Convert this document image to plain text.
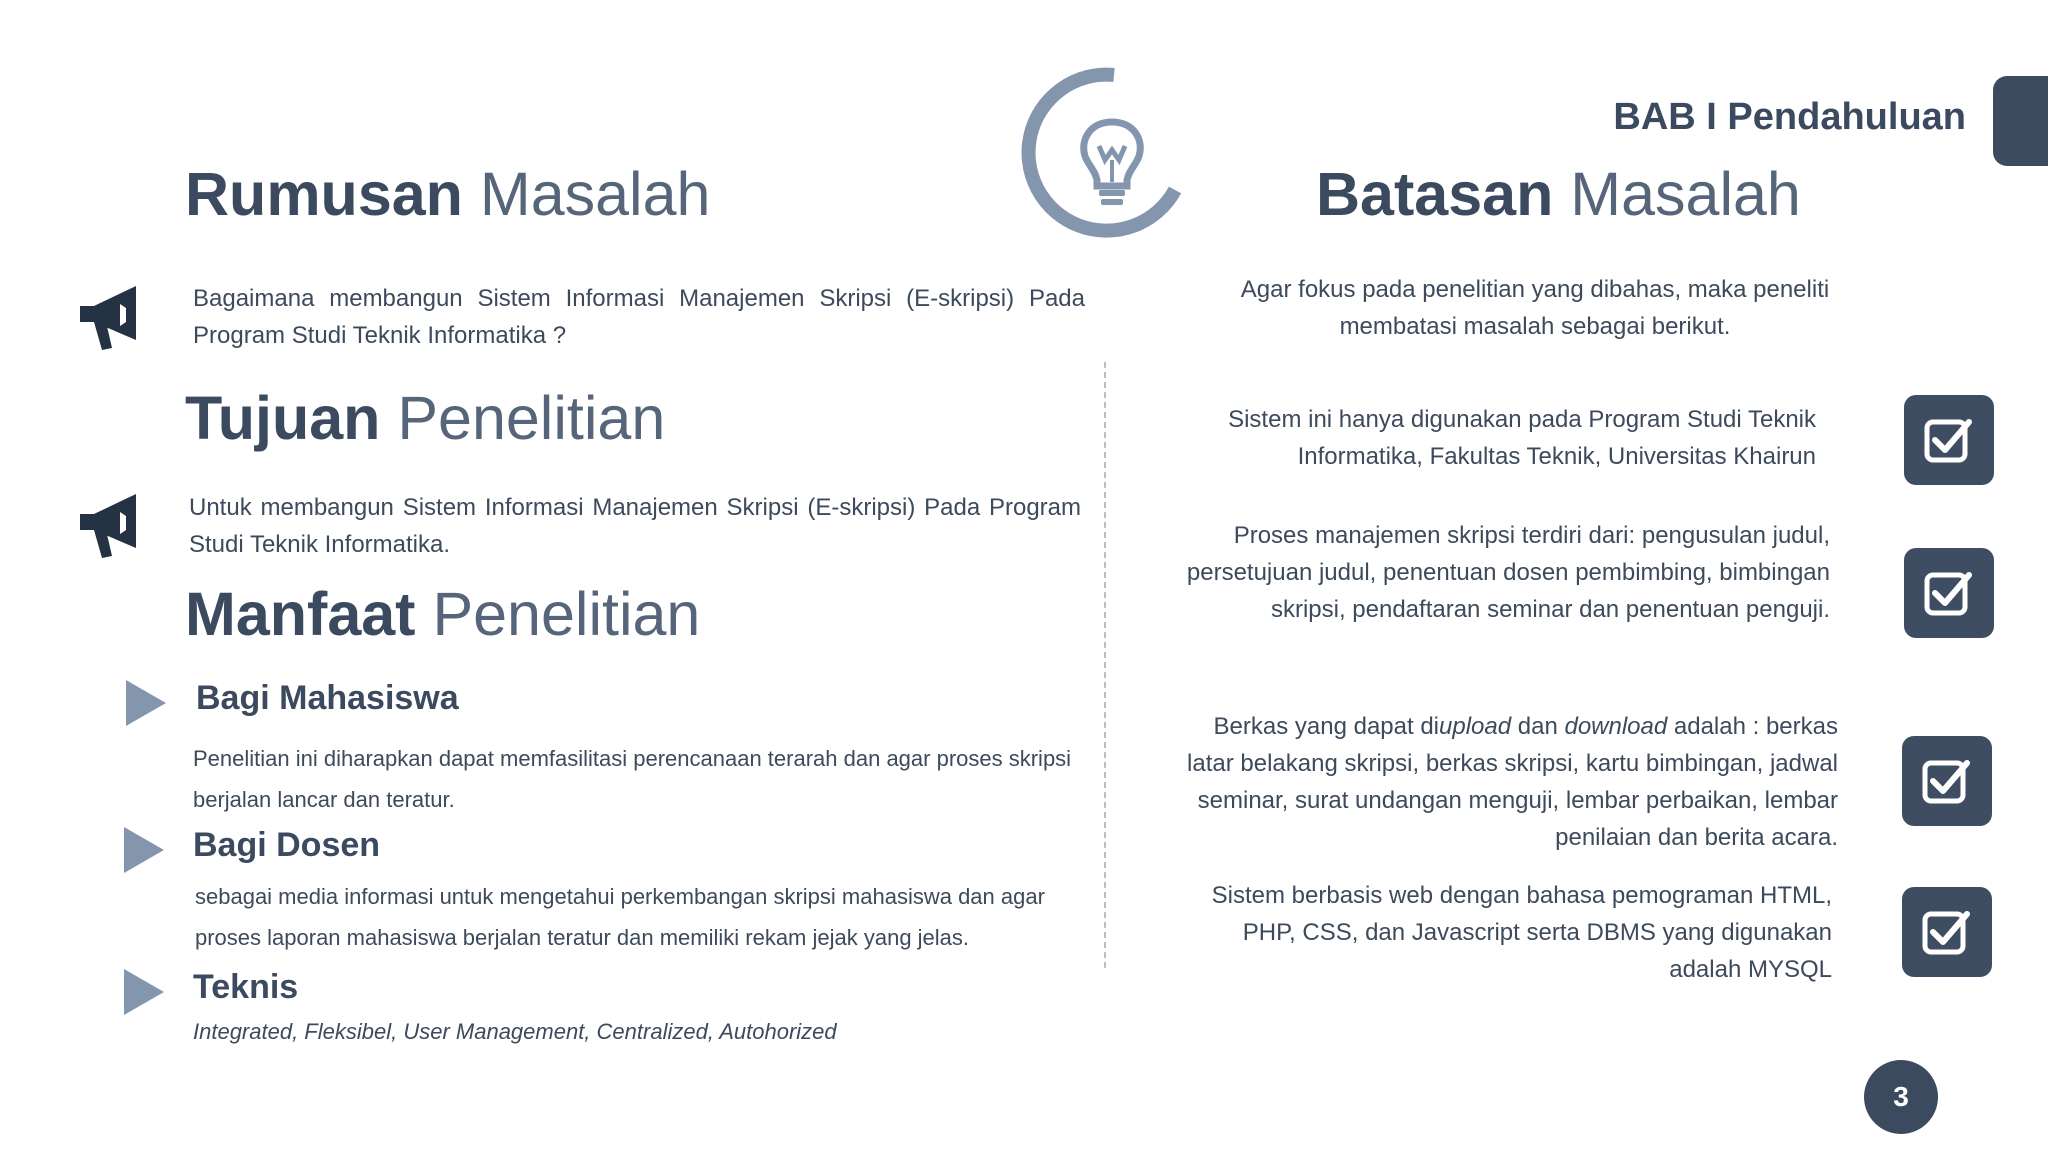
BAB I Pendahuluan
Rumusan Masalah
Bagaimana membangun Sistem Informasi Manajemen Skripsi (E-skripsi) Pada Program Studi Teknik Informatika ?
Tujuan Penelitian
Untuk membangun Sistem Informasi Manajemen Skripsi (E-skripsi) Pada Program Studi Teknik Informatika.
Manfaat Penelitian
Bagi Mahasiswa
Penelitian ini diharapkan dapat memfasilitasi perencanaan terarah dan agar proses skripsi berjalan lancar dan teratur.
Bagi Dosen
sebagai media informasi untuk mengetahui perkembangan skripsi mahasiswa dan agar proses laporan mahasiswa berjalan teratur dan memiliki rekam jejak yang jelas.
Teknis
Integrated, Fleksibel, User Management, Centralized, Autohorized
Batasan Masalah
Agar fokus pada penelitian yang dibahas, maka peneliti membatasi masalah sebagai berikut.
Sistem ini hanya digunakan pada Program Studi Teknik Informatika, Fakultas Teknik, Universitas Khairun
Proses manajemen skripsi terdiri dari: pengusulan judul, persetujuan judul, penentuan dosen pembimbing, bimbingan skripsi, pendaftaran seminar dan penentuan penguji.
Berkas yang dapat diupload dan download adalah : berkas latar belakang skripsi, berkas skripsi, kartu bimbingan, jadwal seminar, surat undangan menguji, lembar perbaikan, lembar penilaian dan berita acara.
Sistem berbasis web dengan bahasa pemograman HTML, PHP, CSS, dan Javascript serta DBMS yang digunakan adalah MYSQL
3
